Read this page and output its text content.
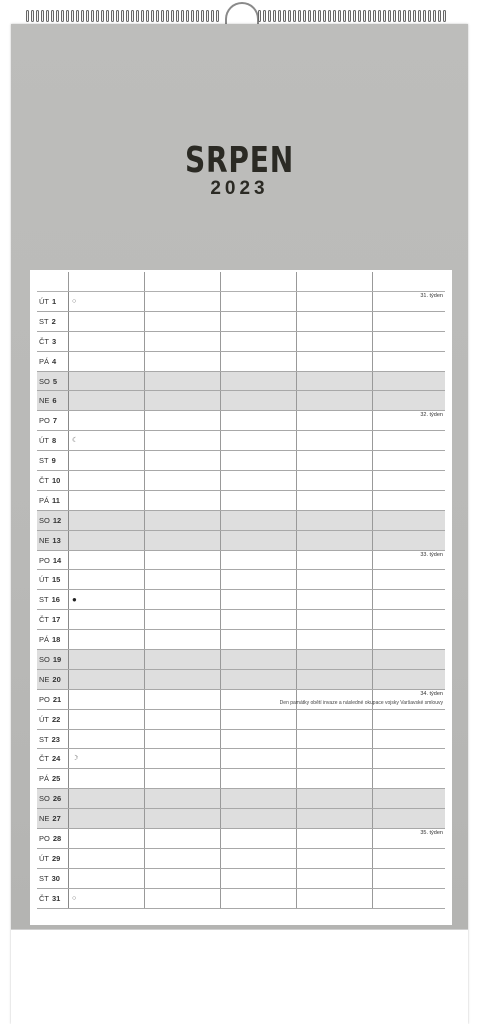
SRPEN
2023
ÚT 1 ○
31. týden
ST 2
ČT 3
PÁ 4
SO 5
NE 6
PO 7
32. týden
ÚT 8 ☾
ST 9
ČT 10
PÁ 11
SO 12
NE 13
PO 14
33. týden
ÚT 15
ST 16 ●
ČT 17
PÁ 18
SO 19
NE 20
PO 21
34. týden
Den památky obětí invaze a následné okupace vojsky Varšavské smlouvy
ÚT 22
ST 23
ČT 24 ☽
PÁ 25
SO 26
NE 27
PO 28
35. týden
ÚT 29
ST 30
ČT 31 ○
